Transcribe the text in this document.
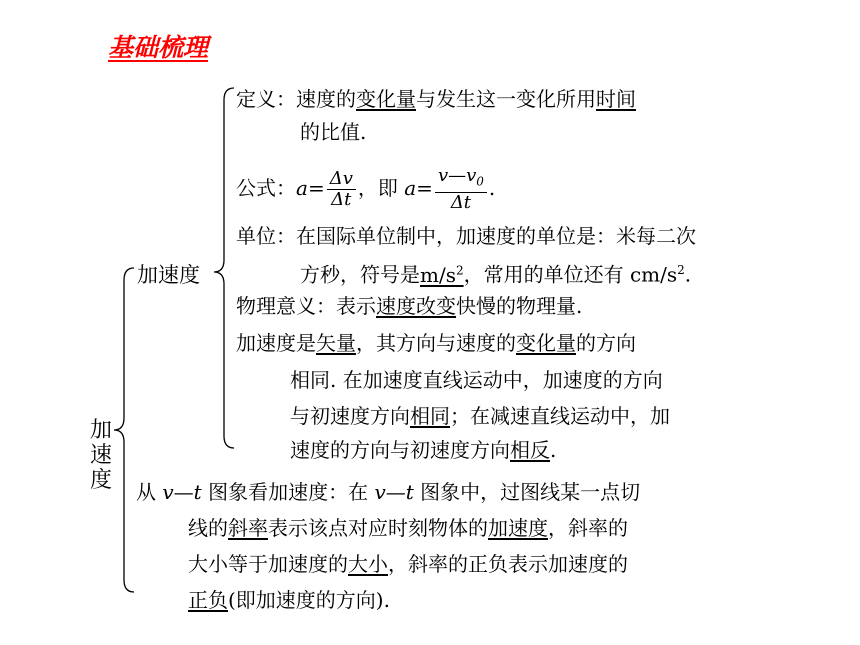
基础梳理
加
速
度
加速度
定义：速度的变化量与发生这一变化所用时间
的比值.
公式：$a= \frac{\Delta v}{\Delta t}$ ，即 $a= \frac{v—v_0}{\Delta t}$ .
单位：在国际单位制中，加速度的单位是：米每二次
方秒，符号是$m/s^2$，常用的单位还有 $cm/s^2$.
物理意义：表示速度改变快慢的物理量.
加速度是矢量，其方向与速度的变化量的方向
相同. 在加速度直线运动中，加速度的方向
与初速度方向相同；在减速直线运动中，加
速度的方向与初速度方向相反.
从 v—t 图象看加速度：在 v—t 图象中，过图线某一点切
线的斜率表示该点对应时刻物体的加速度，斜率的
大小等于加速度的大小，斜率的正负表示加速度的
正负(即加速度的方向).
